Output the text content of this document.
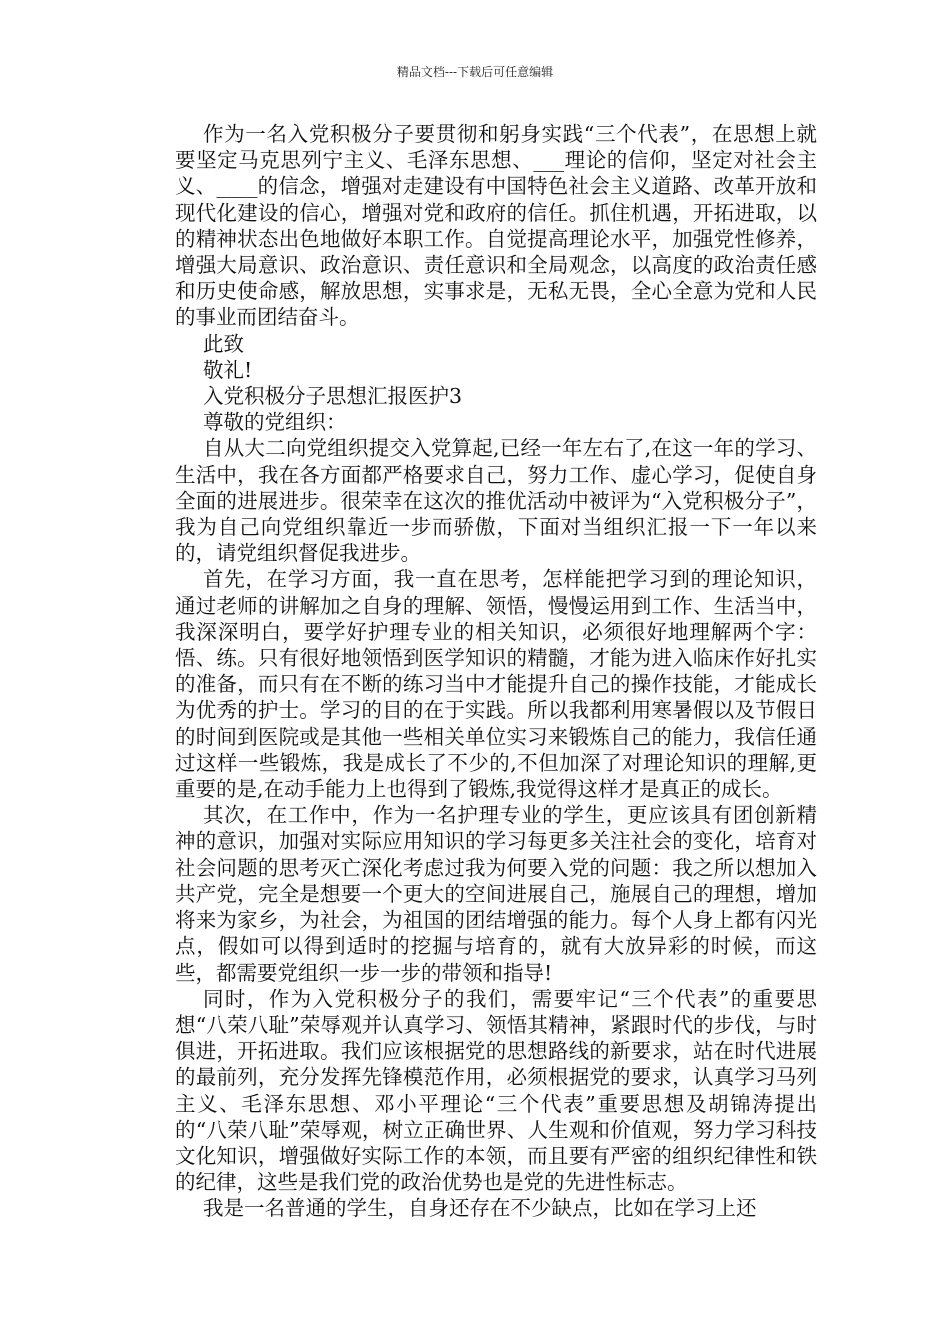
精品文档---下载后可任意编辑

作为一名入党积极分子要贯彻和躬身实践“三个代表”，在思想上就要坚定马克思列宁主义、毛泽东思想、___理论的信仰，坚定对社会主义、____的信念，增强对走建设有中国特色社会主义道路、改革开放和现代化建设的信心，增强对党和政府的信任。抓住机遇，开拓进取，以的精神状态出色地做好本职工作。自觉提高理论水平，加强党性修养，增强大局意识、政治意识、责任意识和全局观念，以高度的政治责任感和历史使命感，解放思想，实事求是，无私无畏，全心全意为党和人民的事业而团结奋斗。

此致

敬礼!

入党积极分子思想汇报医护3

尊敬的党组织：

自从大二向党组织提交入党算起,已经一年左右了,在这一年的学习、生活中，我在各方面都严格要求自己，努力工作、虚心学习，促使自身全面的进展进步。很荣幸在这次的推优活动中被评为“入党积极分子”，我为自己向党组织靠近一步而骄傲，下面对当组织汇报一下一年以来的，请党组织督促我进步。

首先，在学习方面，我一直在思考，怎样能把学习到的理论知识，通过老师的讲解加之自身的理解、领悟，慢慢运用到工作、生活当中，我深深明白，要学好护理专业的相关知识，必须很好地理解两个字：悟、练。只有很好地领悟到医学知识的精髓，才能为进入临床作好扎实的准备，而只有在不断的练习当中才能提升自己的操作技能，才能成长为优秀的护士。学习的目的在于实践。所以我都利用寒暑假以及节假日的时间到医院或是其他一些相关单位实习来锻炼自己的能力，我信任通过这样一些锻炼，我是成长了不少的,不但加深了对理论知识的理解,更重要的是,在动手能力上也得到了锻炼,我觉得这样才是真正的成长。

其次，在工作中，作为一名护理专业的学生，更应该具有团创新精神的意识，加强对实际应用知识的学习每更多关注社会的变化，培育对社会问题的思考灭亡深化考虑过我为何要入党的问题：我之所以想加入共产党，完全是想要一个更大的空间进展自己，施展自己的理想，增加将来为家乡，为社会，为祖国的团结增强的能力。每个人身上都有闪光点，假如可以得到适时的挖掘与培育的，就有大放异彩的时候，而这些，都需要党组织一步一步的带领和指导!

同时，作为入党积极分子的我们，需要牢记“三个代表”的重要思想“八荣八耻”荣辱观并认真学习、领悟其精神，紧跟时代的步伐，与时俱进，开拓进取。我们应该根据党的思想路线的新要求，站在时代进展的最前列，充分发挥先锋模范作用，必须根据党的要求，认真学习马列主义、毛泽东思想、邓小平理论“三个代表”重要思想及胡锦涛提出的“八荣八耻”荣辱观，树立正确世界、人生观和价值观，努力学习科技文化知识，增强做好实际工作的本领，而且要有严密的组织纪律性和铁的纪律，这些是我们党的政治优势也是党的先进性标志。

我是一名普通的学生，自身还存在不少缺点，比如在学习上还
